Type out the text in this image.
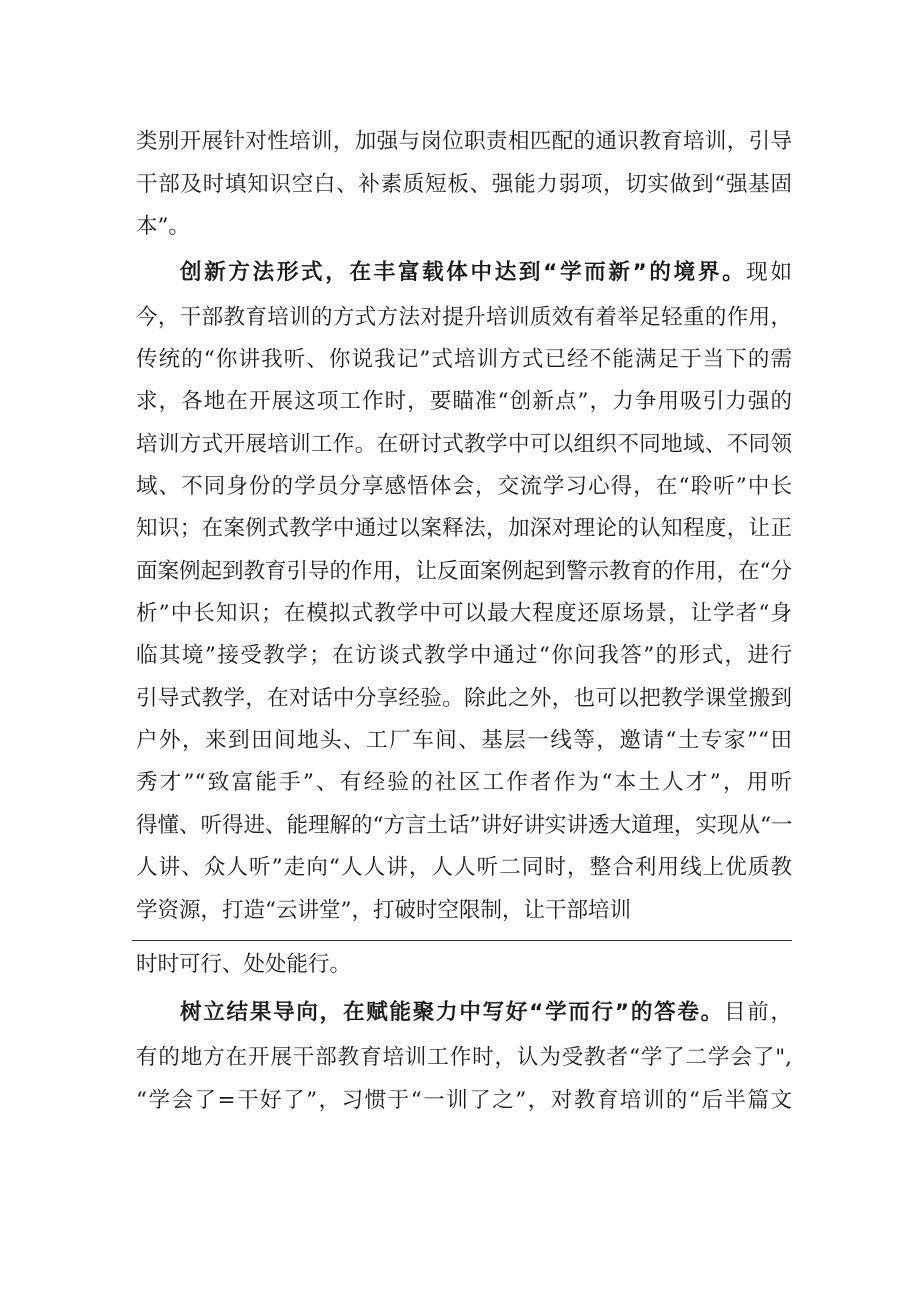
类别开展针对性培训，加强与岗位职责相匹配的通识教育培训，引导
干部及时填知识空白、补素质短板、强能力弱项，切实做到“强基固
本”。
创新方法形式，在丰富载体中达到“学而新”的境界。现如
今，干部教育培训的方式方法对提升培训质效有着举足轻重的作用，
传统的“你讲我听、你说我记”式培训方式已经不能满足于当下的需
求，各地在开展这项工作时，要瞄准“创新点”，力争用吸引力强的
培训方式开展培训工作。在研讨式教学中可以组织不同地域、不同领
域、不同身份的学员分享感悟体会，交流学习心得，在“聆听”中长
知识；在案例式教学中通过以案释法，加深对理论的认知程度，让正
面案例起到教育引导的作用，让反面案例起到警示教育的作用，在“分
析”中长知识；在模拟式教学中可以最大程度还原场景，让学者“身
临其境”接受教学；在访谈式教学中通过“你问我答”的形式，进行
引导式教学，在对话中分享经验。除此之外，也可以把教学课堂搬到
户外，来到田间地头、工厂车间、基层一线等，邀请“土专家”“田
秀才”“致富能手”、有经验的社区工作者作为“本土人才”，用听
得懂、听得进、能理解的“方言土话”讲好讲实讲透大道理，实现从“一
人讲、众人听”走向“人人讲，人人听二同时，整合利用线上优质教
学资源，打造“云讲堂”，打破时空限制，让干部培训
时时可行、处处能行。
树立结果导向，在赋能聚力中写好“学而行”的答卷。目前，
有的地方在开展干部教育培训工作时，认为受教者“学了二学会了",
“学会了=干好了”，习惯于“一训了之”，对教育培训的“后半篇文
